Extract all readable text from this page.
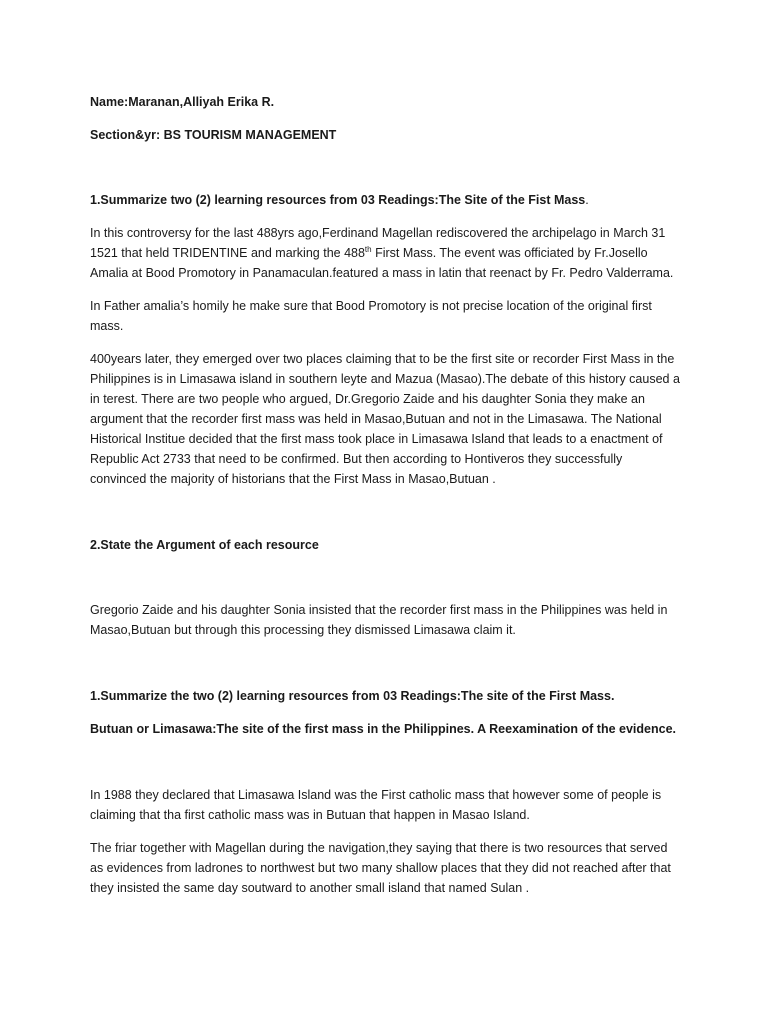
Name:Maranan,Alliyah Erika R.
Section&yr: BS TOURISM MANAGEMENT
1.Summarize two (2) learning resources from 03 Readings:The Site of the Fist Mass.
In this controversy for the last 488yrs ago,Ferdinand Magellan rediscovered the archipelago in March 31 1521 that held TRIDENTINE and marking the 488th First Mass. The event was officiated by Fr.Josello Amalia at Bood Promotory in Panamaculan.featured a mass in latin that reenact by Fr. Pedro Valderrama.
In Father amalia’s homily he make sure that Bood Promotory is not precise location of the original first mass.
400years later, they emerged over two places claiming that to be the first site or recorder First Mass in the Philippines is in Limasawa island in southern leyte and Mazua (Masao).The debate of this history caused a in terest. There are two people who argued, Dr.Gregorio Zaide and his daughter Sonia they make an argument that the recorder first mass was held in Masao,Butuan and not in the Limasawa. The National Historical Institue decided that the first mass took place in Limasawa Island that leads to a enactment of Republic Act 2733 that need to be confirmed. But then according to Hontiveros they successfully convinced the majority of historians that the First Mass in Masao,Butuan .
2.State the Argument of each resource
Gregorio Zaide and his daughter Sonia insisted that the recorder first mass in the Philippines was held in Masao,Butuan but through this processing they dismissed Limasawa claim it.
1.Summarize the two (2) learning resources from 03 Readings:The site of the First Mass.
Butuan or Limasawa:The site of the first mass in the Philippines. A Reexamination of the evidence.
In 1988 they declared that Limasawa Island was the First catholic mass that however some of people is claiming that tha first catholic mass was in Butuan that happen in Masao Island.
The friar together with Magellan during the navigation,they saying that there is two resources that served as evidences from ladrones to northwest but two many shallow places that they did not reached after that they insisted the same day soutward to another small island that named Sulan .
